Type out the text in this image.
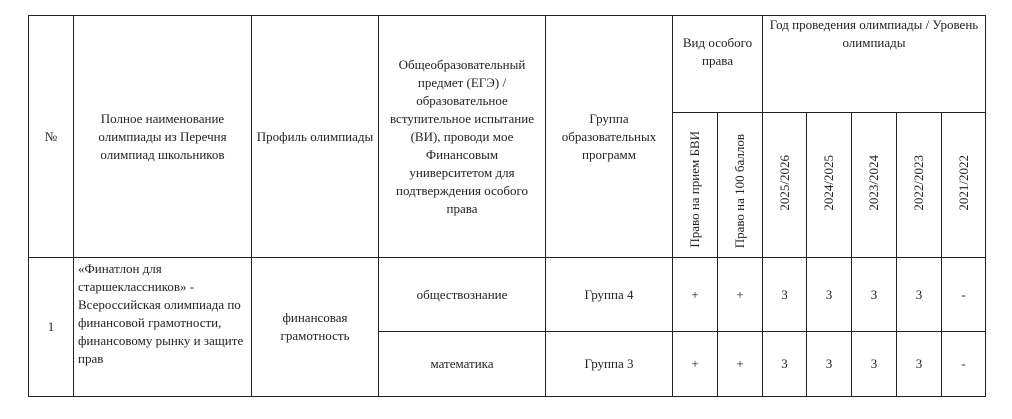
№	Полное наименование олимпиады из Перечня олимпиад школьников	Профиль олимпиады	Общеобразовательный предмет (ЕГЭ) / образовательное вступительное испытание (ВИ), проводи мое Финансовым университетом для подтверждения особого права	Группа образовательных программ	Вид особого права		Год проведения олимпиады / Уровень олимпиады				
					Право на прием БВИ	Право на 100 баллов	2025/2026	2024/2025	2023/2024	2022/2023	2021/2022
1	«Финатлон для старшеклассников» - Всероссийская олимпиада по финансовой грамотности, финансовому рынку и защите прав	финансовая грамотность	обществознание	Группа 4	+	+	3	3	3	3	-
			математика	Группа 3	+	+	3	3	3	3	-
